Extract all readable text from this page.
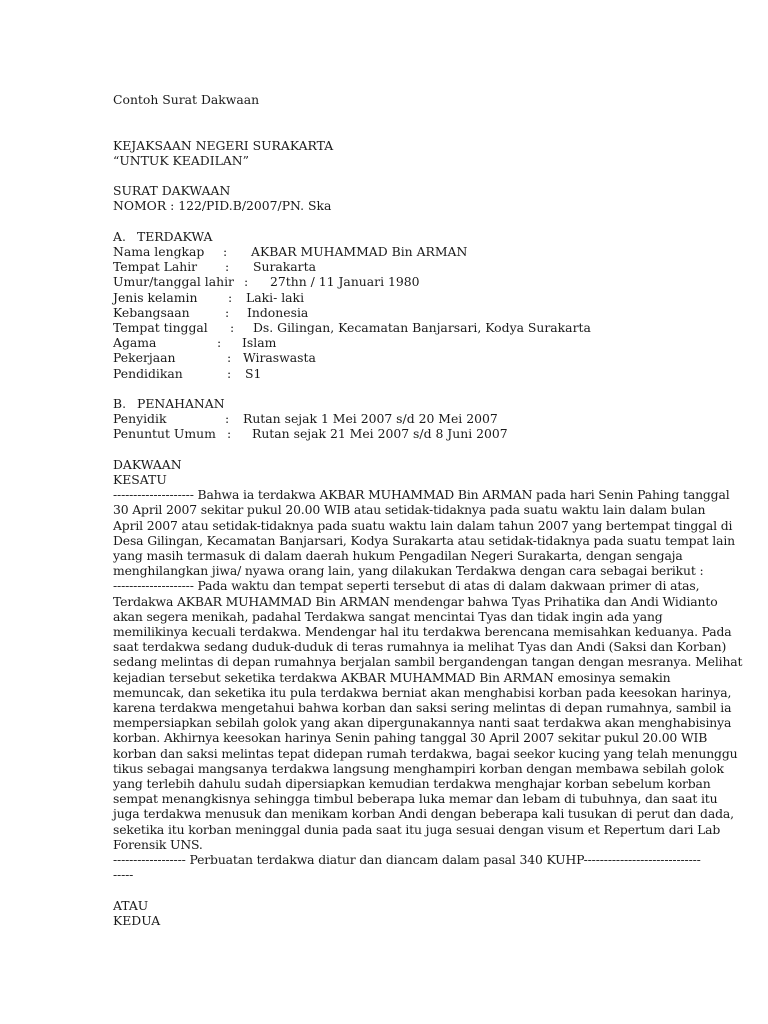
Contoh Surat Dakwaan
KEJAKSAAN NEGERI SURAKARTA
“UNTUK KEADILAN”
SURAT DAKWAAN
NOMOR : 122/PID.B/2007/PN. Ska
A. TERDAKWA
Nama lengkap	:	AKBAR MUHAMMAD Bin ARMAN
Tempat Lahir	:	Surakarta
Umur/tanggal lahir :	27thn / 11 Januari 1980
Jenis kelamin	:	Laki- laki
Kebangsaan	:	Indonesia
Tempat tinggal	:	Ds. Gilingan, Kecamatan Banjarsari, Kodya Surakarta
Agama	:	Islam
Pekerjaan	: Wiraswasta
Pendidikan	:	S1
B. PENAHANAN
Penyidik	:	Rutan sejak 1 Mei 2007 s/d 20 Mei 2007
Penuntut Umum :	Rutan sejak 21 Mei 2007 s/d 8 Juni 2007
DAKWAAN
KESATU
-------------------- Bahwa ia terdakwa AKBAR MUHAMMAD Bin ARMAN pada hari Senin Pahing tanggal
30 April 2007 sekitar pukul 20.00 WIB atau setidak-tidaknya pada suatu waktu lain dalam bulan
April 2007 atau setidak-tidaknya pada suatu waktu lain dalam tahun 2007 yang bertempat tinggal di
Desa Gilingan, Kecamatan Banjarsari, Kodya Surakarta atau setidak-tidaknya pada suatu tempat lain
yang masih termasuk di dalam daerah hukum Pengadilan Negeri Surakarta, dengan sengaja
menghilangkan jiwa/ nyawa orang lain, yang dilakukan Terdakwa dengan cara sebagai berikut :
-------------------- Pada waktu dan tempat seperti tersebut di atas di dalam dakwaan primer di atas,
Terdakwa AKBAR MUHAMMAD Bin ARMAN mendengar bahwa Tyas Prihatika dan Andi Widianto
akan segera menikah, padahal Terdakwa sangat mencintai Tyas dan tidak ingin ada yang
memilikinya kecuali terdakwa. Mendengar hal itu terdakwa berencana memisahkan keduanya. Pada
saat terdakwa sedang duduk-duduk di teras rumahnya ia melihat Tyas dan Andi (Saksi dan Korban)
sedang melintas di depan rumahnya berjalan sambil bergandengan tangan dengan mesranya. Melihat
kejadian tersebut seketika terdakwa AKBAR MUHAMMAD Bin ARMAN emosinya semakin
memuncak, dan seketika itu pula terdakwa berniat akan menghabisi korban pada keesokan harinya,
karena terdakwa mengetahui bahwa korban dan saksi sering melintas di depan rumahnya, sambil ia
mempersiapkan sebilah golok yang akan dipergunakannya nanti saat terdakwa akan menghabisinya
korban. Akhirnya keesokan harinya Senin pahing tanggal 30 April 2007 sekitar pukul 20.00 WIB
korban dan saksi melintas tepat didepan rumah terdakwa, bagai seekor kucing yang telah menunggu
tikus sebagai mangsanya terdakwa langsung menghampiri korban dengan membawa sebilah golok
yang terlebih dahulu sudah dipersiapkan kemudian terdakwa menghajar korban sebelum korban
sempat menangkisnya sehingga timbul beberapa luka memar dan lebam di tubuhnya, dan saat itu
juga terdakwa menusuk dan menikam korban Andi dengan beberapa kali tusukan di perut dan dada,
seketika itu korban meninggal dunia pada saat itu juga sesuai dengan visum et Repertum dari Lab
Forensik UNS.
------------------ Perbuatan terdakwa diatur dan diancam dalam pasal 340 KUHP-----------------------------
-----
ATAU
KEDUA
